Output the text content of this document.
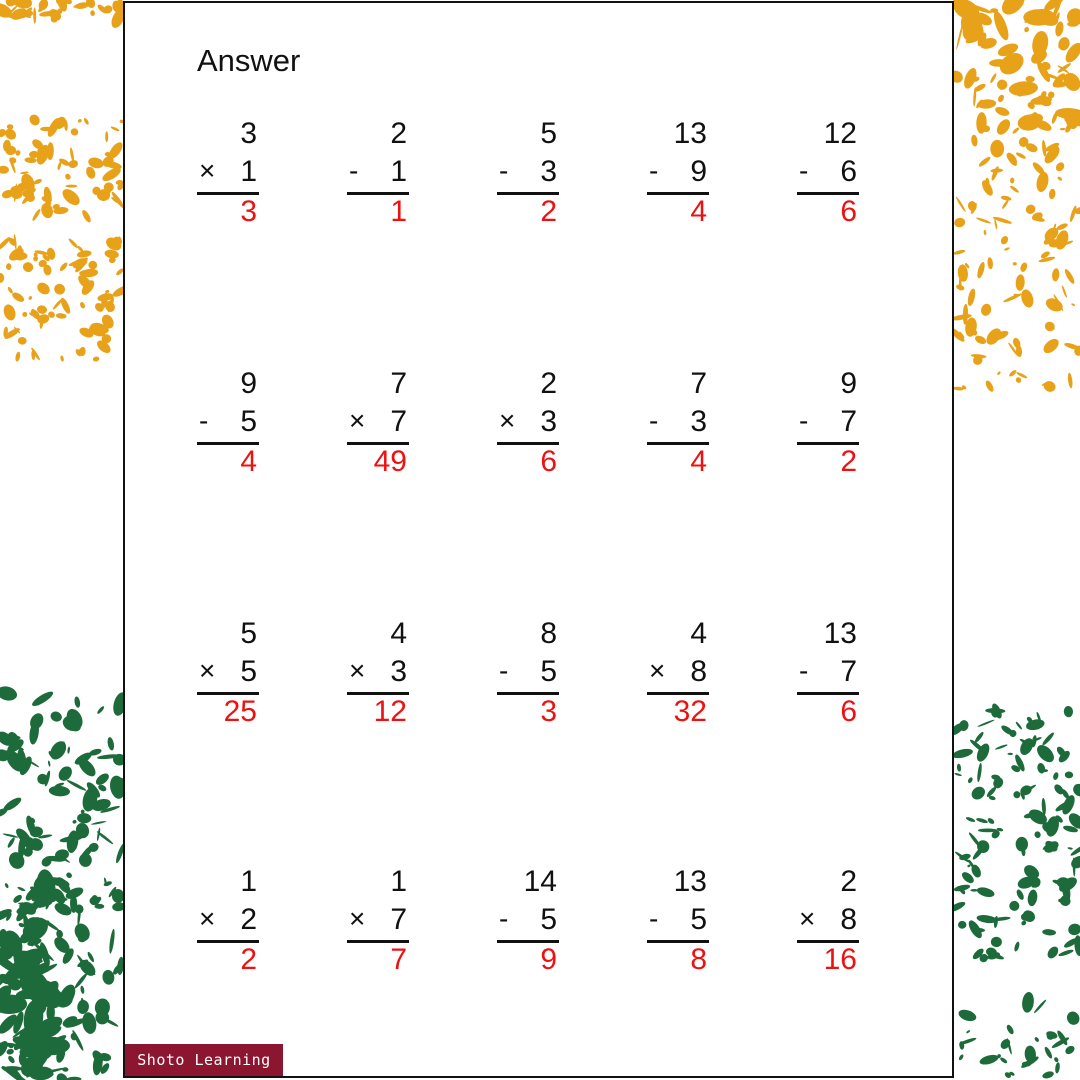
Answer
3
× 1
3
2
-	1
1
5
-	3
2
13
-	9
4
12
-	6
6
9
-	5
4
7
× 7
49
2
× 3
6
7
-	3
4
9
-	7
2
5
× 5
25
4
× 3
12
8
-	5
3
4
× 8
32
13
-	7
6
1
× 2
2
1
× 7
7
14
-	5
9
13
-	5
8
2
× 8
16
Shoto Learning
